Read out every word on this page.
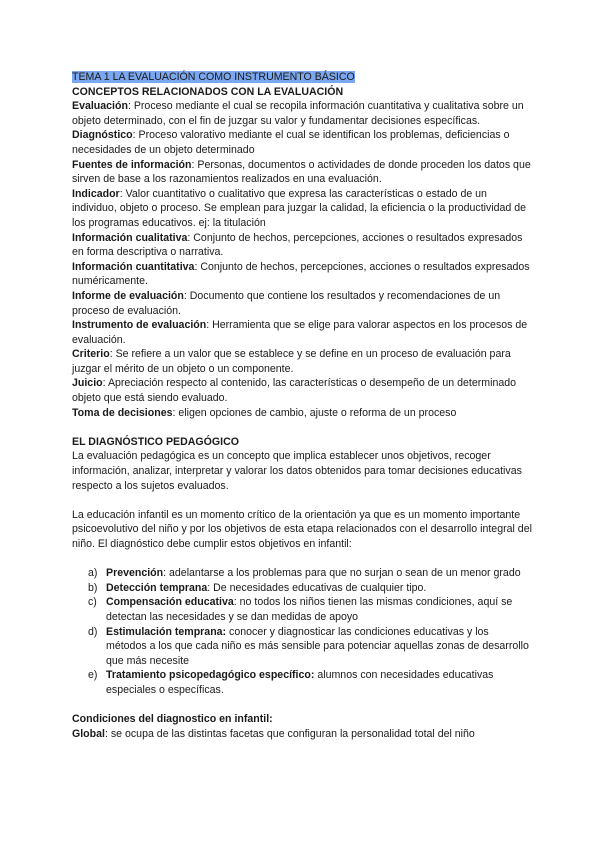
TEMA 1 LA EVALUACIÓN COMO INSTRUMENTO BÁSICO

CONCEPTOS RELACIONADOS CON LA EVALUACIÓN

Evaluación: Proceso mediante el cual se recopila información cuantitativa y cualitativa sobre un objeto determinado, con el fin de juzgar su valor y fundamentar decisiones específicas.

Diagnóstico: Proceso valorativo mediante el cual se identifican los problemas, deficiencias o necesidades de un objeto determinado

Fuentes de información: Personas, documentos o actividades de donde proceden los datos que sirven de base a los razonamientos realizados en una evaluación.

Indicador: Valor cuantitativo o cualitativo que expresa las características o estado de un individuo, objeto o proceso. Se emplean para juzgar la calidad, la eficiencia o la productividad de los programas educativos. ej: la titulación

Información cualitativa: Conjunto de hechos, percepciones, acciones o resultados expresados en forma descriptiva o narrativa.

Información cuantitativa: Conjunto de hechos, percepciones, acciones o resultados expresados numéricamente.

Informe de evaluación: Documento que contiene los resultados y recomendaciones de un proceso de evaluación.

Instrumento de evaluación: Herramienta que se elige para valorar aspectos en los procesos de evaluación.

Criterio: Se refiere a un valor que se establece y se define en un proceso de evaluación para juzgar el mérito de un objeto o un componente.

Juicio: Apreciación respecto al contenido, las características o desempeño de un determinado objeto que está siendo evaluado.

Toma de decisiones: eligen opciones de cambio, ajuste o reforma de un proceso

EL DIAGNÓSTICO PEDAGÓGICO

La evaluación pedagógica es un concepto que implica establecer unos objetivos, recoger información, analizar, interpretar y valorar los datos obtenidos para tomar decisiones educativas respecto a los sujetos evaluados.

La educación infantil es un momento crítico de la orientación ya que es un momento importante psicoevolutivo del niño y por los objetivos de esta etapa relacionados con el desarrollo integral del niño. El diagnóstico debe cumplir estos objetivos en infantil:

a) Prevención: adelantarse a los problemas para que no surjan o sean de un menor grado
b) Detección temprana: De necesidades educativas de cualquier tipo.
c) Compensación educativa: no todos los niños tienen las mismas condiciones, aquí se detectan las necesidades y se dan medidas de apoyo
d) Estimulación temprana: conocer y diagnosticar las condiciones educativas y los métodos a los que cada niño es más sensible para potenciar aquellas zonas de desarrollo que más necesite
e) Tratamiento psicopedagógico específico: alumnos con necesidades educativas especiales o específicas.

Condiciones del diagnostico en infantil:

Global: se ocupa de las distintas facetas que configuran la personalidad total del niño
